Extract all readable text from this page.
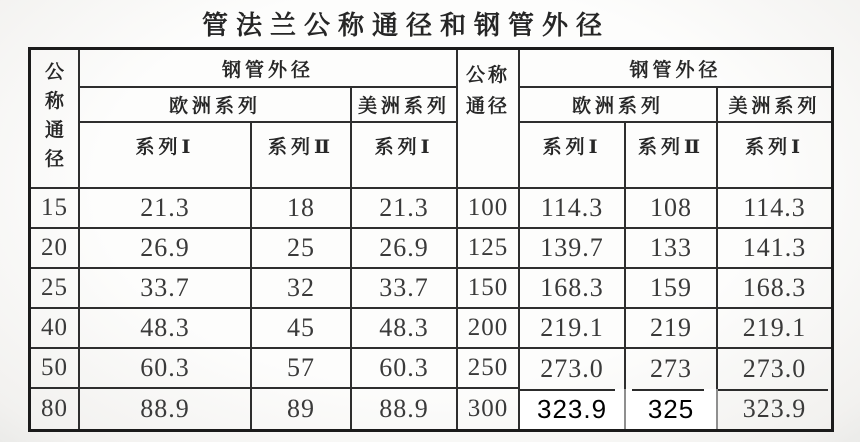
管法兰公称通径和钢管外径
公
称
通
径	钢管外径			公称
通径	钢管外径		
	欧洲系列		美洲系列		欧洲系列		美洲系列
	系列Ⅰ	系列Ⅱ	系列Ⅰ		系列Ⅰ	系列Ⅱ	系列Ⅰ
15	21.3	18	21.3	100	114.3	108	114.3
20	26.9	25	26.9	125	139.7	133	141.3
25	33.7	32	33.7	150	168.3	159	168.3
40	48.3	45	48.3	200	219.1	219	219.1
50	60.3	57	60.3	250	273.0	273	273.0
80	88.9	89	88.9	300	323.9	325	323.9
